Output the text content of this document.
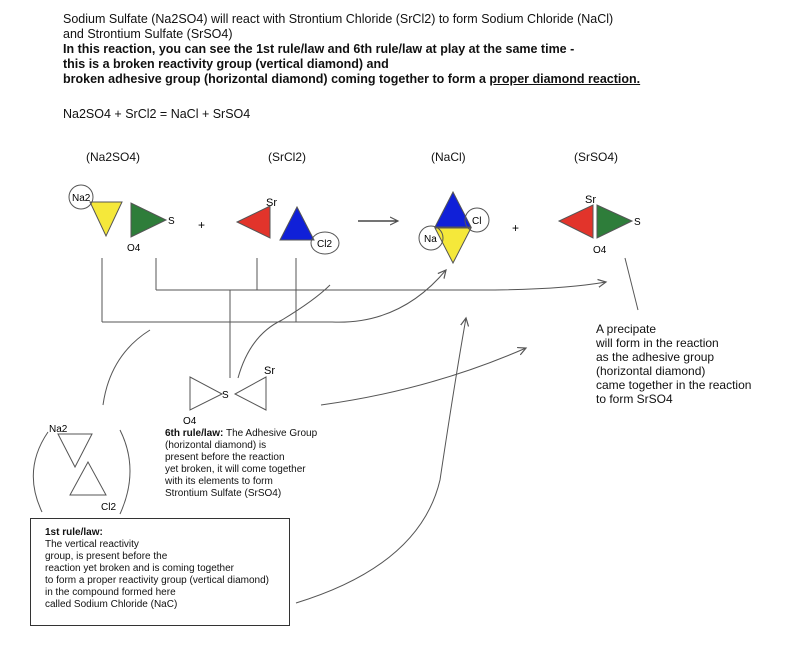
Na2
S
O4
+
Sr
Cl2
Cl
Na
+
Sr
S
O4
S
Sr
O4
Na2
Cl2
Sodium Sulfate (Na2SO4) will react with Strontium Chloride (SrCl2) to form Sodium Chloride (NaCl)
and Strontium Sulfate (SrSO4)
In this reaction, you can see the 1st rule/law and 6th rule/law at play at the same time -
this is a broken reactivity group (vertical diamond) and
broken adhesive group (horizontal diamond) coming together to form a proper diamond reaction.
Na2SO4 + SrCl2 = NaCl + SrSO4
(Na2SO4)	(SrCl2)	(NaCl)	(SrSO4)
A precipate
will form in the reaction
as the adhesive group
(horizontal diamond)
came together in the reaction
to form SrSO4
6th rule/law: The Adhesive Group
(horizontal diamond) is
present before the reaction
yet broken, it will come together
with its elements to form
Strontium Sulfate (SrSO4)
1st rule/law:
The vertical reactivity
group, is present before the
reaction yet broken and is coming together
to form a proper reactivity group (vertical diamond)
in the compound formed here
called Sodium Chloride (NaC)
